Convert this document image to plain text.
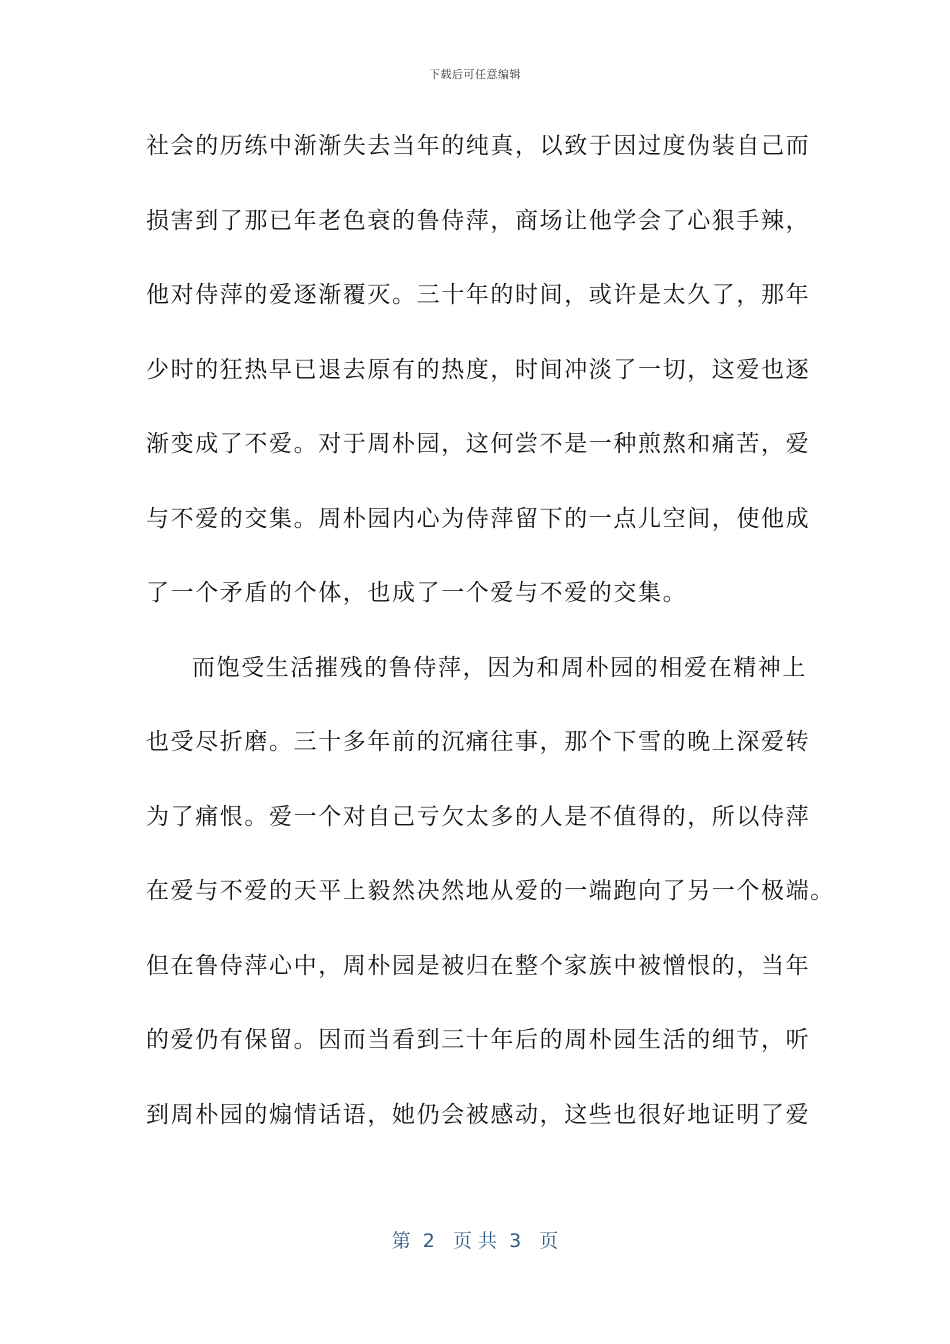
下载后可任意编辑
社会的历练中渐渐失去当年的纯真，以致于因过度伪装自己而
损害到了那已年老色衰的鲁侍萍，商场让他学会了心狠手辣，
他对侍萍的爱逐渐覆灭。三十年的时间，或许是太久了，那年
少时的狂热早已退去原有的热度，时间冲淡了一切，这爱也逐
渐变成了不爱。对于周朴园，这何尝不是一种煎熬和痛苦，爱
与不爱的交集。周朴园内心为侍萍留下的一点儿空间，使他成
了一个矛盾的个体，也成了一个爱与不爱的交集。
而饱受生活摧残的鲁侍萍，因为和周朴园的相爱在精神上
也受尽折磨。三十多年前的沉痛往事，那个下雪的晚上深爱转
为了痛恨。爱一个对自己亏欠太多的人是不值得的，所以侍萍
在爱与不爱的天平上毅然决然地从爱的一端跑向了另一个极端。
但在鲁侍萍心中，周朴园是被归在整个家族中被憎恨的，当年
的爱仍有保留。因而当看到三十年后的周朴园生活的细节，听
到周朴园的煽情话语，她仍会被感动，这些也很好地证明了爱
第  2   页 共  3   页
